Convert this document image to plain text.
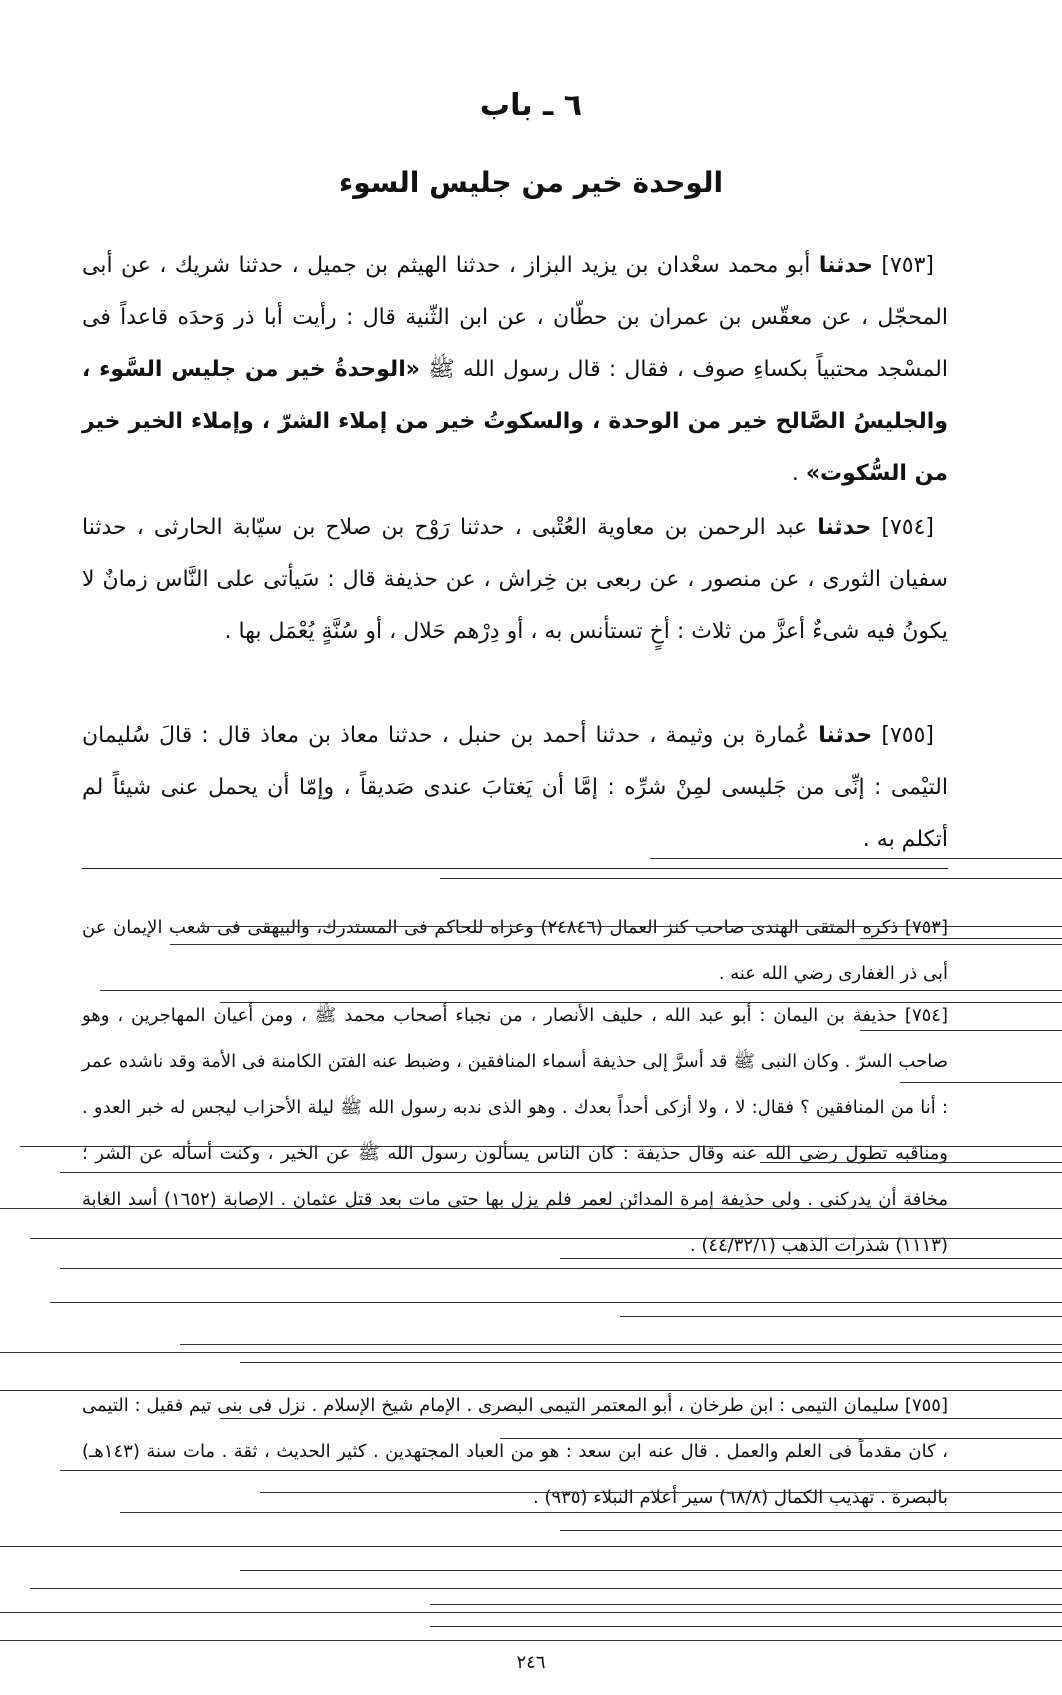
٦ ـ باب
الوحدة خير من جليس السوء

[٧٥٣] حدثنا أبو محمد سعْدان بن يزيد البزاز ، حدثنا الهيثم بن جميل ، حدثنا شريك ، عن أبى المحجّل ، عن معقّس بن عمران بن حطّان ، عن ابن الثّنية قال : رأيت أبا ذر وَحدَه قاعداً فى المسْجد محتبياً بكساءِ صوف ، فقال : قال رسول الله ﷺ «الوحدةُ خير من جليس السَّوء ، والجليسُ الصَّالح خير من الوحدة ، والسكوتُ خير من إملاء الشرّ ، وإملاء الخير خير من السُّكوت» .

[٧٥٤] حدثنا عبد الرحمن بن معاوية العُتْبى ، حدثنا رَوْح بن صلاح بن سيّابة الحارثى ، حدثنا سفيان الثورى ، عن منصور ، عن ربعى بن خِراش ، عن حذيفة قال : سَيأتى على النَّاس زمانٌ لا يكونُ فيه شىءٌ أعزَّ من ثلاث : أخٍ تستأنس به ، أو دِرْهم حَلال ، أو سُنَّةٍ يُعْمَل بها .

[٧٥٥] حدثنا عُمارة بن وثيمة ، حدثنا أحمد بن حنبل ، حدثنا معاذ بن معاذ قال : قالَ سُليمان التيْمى : إنِّى من جَليسى لمِنْ شرِّه : إمَّا أن يَغتابَ عندى صَديقاً ، وإمّا أن يحمل عنى شيئاً لم أتكلم به .

[٧٥٣] ذكره المتقى الهندى صاحب كنز العمال (٢٤٨٤٦) وعزاه للحاكم فى المستدرك، والبيهقى فى شعب الإيمان عن أبى ذر الغفارى رضي الله عنه .

[٧٥٤] حذيفة بن اليمان : أبو عبد الله ، حليف الأنصار ، من نجباء أصحاب محمد ﷺ ، ومن أعيان المهاجرين ، وهو صاحب السرّ . وكان النبى ﷺ قد أسرَّ إلى حذيفة أسماء المنافقين ، وضبط عنه الفتن الكامنة فى الأمة وقد ناشده عمر : أنا من المنافقين ؟ فقال: لا ، ولا أزكى أحداً بعدك . وهو الذى ندبه رسول الله ﷺ ليلة الأحزاب ليجس له خبر العدو . ومناقبه تطول رضي الله عنه وقال حذيفة : كان الناس يسألون رسول الله ﷺ عن الخير ، وكنت أسأله عن الشر ؛ مخافة أن يدركنى . ولى حذيفة إمرة المدائن لعمر فلم يزل بها حتى مات بعد قتل عثمان . الإصابة (١٦٥٢) أسد الغابة (١١١٣) شذرات الذهب (٤٤/٣٢/١) .

[٧٥٥] سليمان التيمى : ابن طرخان ، أبو المعتمر التيمى البصرى . الإمام شيخ الإسلام . نزل فى بنى تيم فقيل : التيمى ، كان مقدماً فى العلم والعمل . قال عنه ابن سعد : هو من العباد المجتهدين . كثير الحديث ، ثقة . مات سنة (١٤٣هـ) بالبصرة . تهذيب الكمال (٦٨/٨) سير أعلام النبلاء (٩٣٥) .

٢٤٦
